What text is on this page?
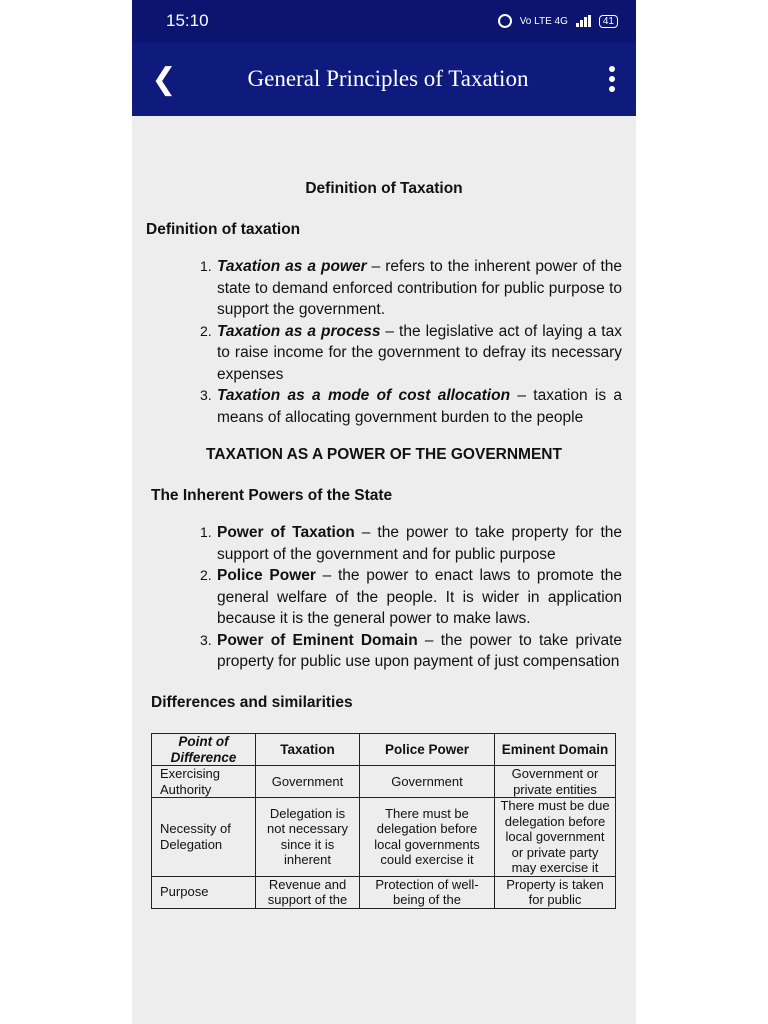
15:10	Vo LTE 4G	41
❮	General Principles of Taxation
Definition of Taxation
Definition of taxation
1. Taxation as a power – refers to the inherent power of the state to demand enforced contribution for public purpose to support the government.
2. Taxation as a process – the legislative act of laying a tax to raise income for the government to defray its necessary expenses
3. Taxation as a mode of cost allocation – taxation is a means of allocating government burden to the people
TAXATION AS A POWER OF THE GOVERNMENT
The Inherent Powers of the State
1. Power of Taxation – the power to take property for the support of the government and for public purpose
2. Police Power – the power to enact laws to promote the general welfare of the people. It is wider in application because it is the general power to make laws.
3. Power of Eminent Domain – the power to take private property for public use upon payment of just compensation
Differences and similarities
Point of Difference	Taxation	Police Power	Eminent Domain
Exercising Authority	Government	Government	Government or private entities
Necessity of Delegation	Delegation is not necessary since it is inherent	There must be delegation before local governments could exercise it	There must be due delegation before local government or private party may exercise it
Purpose	Revenue and support of the	Protection of well-being of the	Property is taken for public
